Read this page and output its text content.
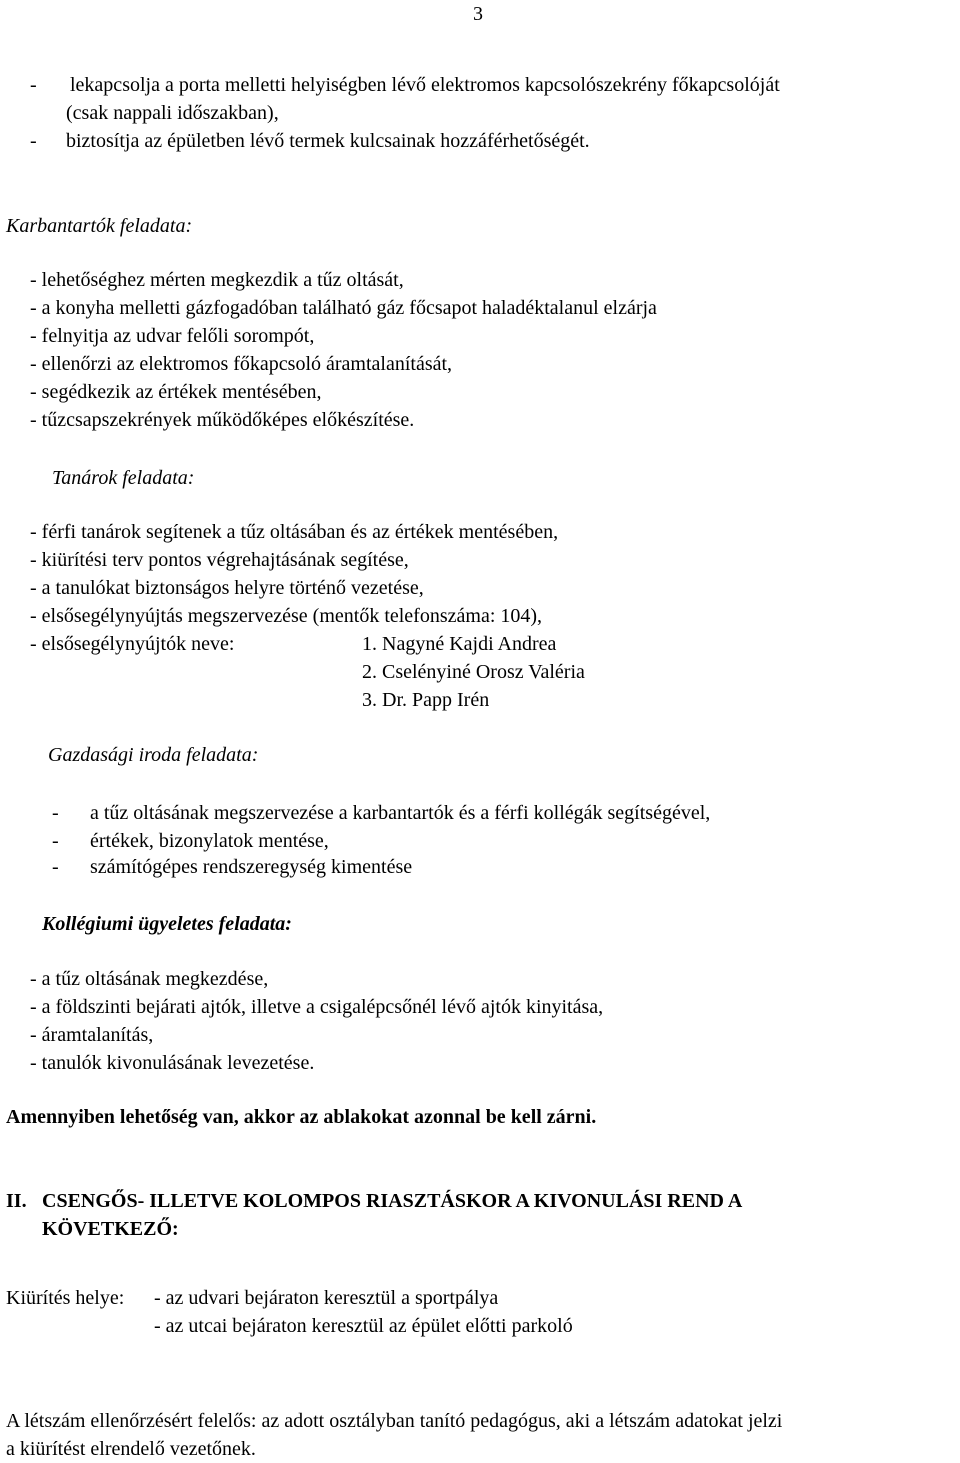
3
- lekapcsolja a porta melletti helyiségben lévő elektromos kapcsolószekrény főkapcsolóját
(csak nappali időszakban),
- biztosítja az épületben lévő termek kulcsainak hozzáférhetőségét.
Karbantartók feladata:
- lehetőséghez mérten megkezdik a tűz oltását,
- a konyha melletti gázfogadóban található gáz főcsapot haladéktalanul elzárja
- felnyitja az udvar felőli sorompót,
- ellenőrzi az elektromos főkapcsoló áramtalanítását,
- segédkezik az értékek mentésében,
- tűzcsapszekrények működőképes előkészítése.
Tanárok feladata:
- férfi tanárok segítenek a tűz oltásában és az értékek mentésében,
- kiürítési terv pontos végrehajtásának segítése,
- a tanulókat biztonságos helyre történő vezetése,
- elsősegélynyújtás megszervezése (mentők telefonszáma: 104),
- elsősegélynyújtók neve:	1. Nagyné Kajdi Andrea
2. Cselényiné Orosz Valéria
3. Dr. Papp Irén
Gazdasági iroda feladata:
- a tűz oltásának megszervezése a karbantartók és a férfi kollégák segítségével,
- értékek, bizonylatok mentése,
- számítógépes rendszeregység kimentése
Kollégiumi ügyeletes feladata:
- a tűz oltásának megkezdése,
- a földszinti bejárati ajtók, illetve a csigalépcsőnél lévő ajtók kinyitása,
- áramtalanítás,
- tanulók kivonulásának levezetése.
Amennyiben lehetőség van, akkor az ablakokat azonnal be kell zárni.
II. CSENGŐS- ILLETVE KOLOMPOS RIASZTÁSKOR A KIVONULÁSI REND A
KÖVETKEZŐ:
Kiürítés helye: - az udvari bejáraton keresztül a sportpálya
- az utcai bejáraton keresztül az épület előtti parkoló
A létszám ellenőrzésért felelős: az adott osztályban tanító pedagógus, aki a létszám adatokat jelzi
a kiürítést elrendelő vezetőnek.
